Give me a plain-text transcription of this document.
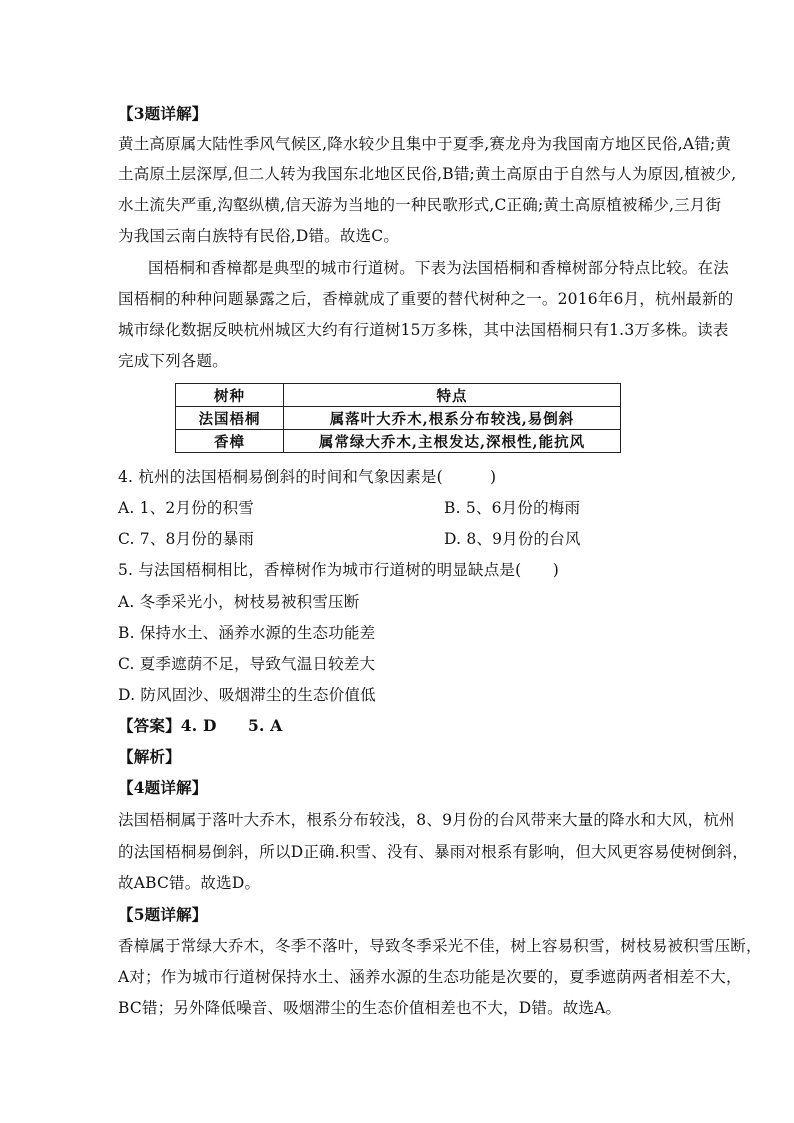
【3题详解】
黄土高原属大陆性季风气候区,降水较少且集中于夏季,赛龙舟为我国南方地区民俗,A错;黄
土高原土层深厚,但二人转为我国东北地区民俗,B错;黄土高原由于自然与人为原因,植被少,
水土流失严重,沟壑纵横,信天游为当地的一种民歌形式,C正确;黄土高原植被稀少,三月街
为我国云南白族特有民俗,D错。故选C。
国梧桐和香樟都是典型的城市行道树。下表为法国梧桐和香樟树部分特点比较。在法
国梧桐的种种问题暴露之后，香樟就成了重要的替代树种之一。2016年6月，杭州最新的
城市绿化数据反映杭州城区大约有行道树15万多株，其中法国梧桐只有1.3万多株。读表
完成下列各题。
树种	特点
法国梧桐	属落叶大乔木,根系分布较浅,易倒斜
香樟	属常绿大乔木,主根发达,深根性,能抗风
4. 杭州的法国梧桐易倒斜的时间和气象因素是(　　　)
A. 1、2月份的积雪	B. 5、6月份的梅雨
C. 7、8月份的暴雨	D. 8、9月份的台风
5. 与法国梧桐相比，香樟树作为城市行道树的明显缺点是(　　)
A. 冬季采光小，树枝易被积雪压断
B. 保持水土、涵养水源的生态功能差
C. 夏季遮荫不足，导致气温日较差大
D. 防风固沙、吸烟滞尘的生态价值低
【答案】4. D　　5. A
【解析】
【4题详解】
法国梧桐属于落叶大乔木，根系分布较浅，8、9月份的台风带来大量的降水和大风，杭州
的法国梧桐易倒斜，所以D正确.积雪、没有、暴雨对根系有影响，但大风更容易使树倒斜，
故ABC错。故选D。
【5题详解】
香樟属于常绿大乔木，冬季不落叶，导致冬季采光不佳，树上容易积雪，树枝易被积雪压断，
A对；作为城市行道树保持水土、涵养水源的生态功能是次要的，夏季遮荫两者相差不大，
BC错；另外降低噪音、吸烟滞尘的生态价值相差也不大，D错。故选A。
